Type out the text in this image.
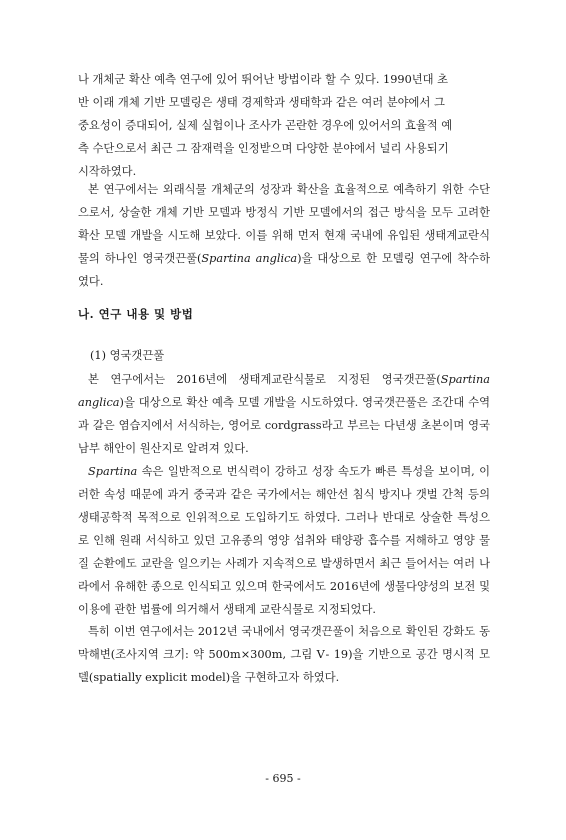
나 개체군 확산 예측 연구에 있어 뛰어난 방법이라 할 수 있다. 1990년대 초
반 이래 개체 기반 모델링은 생태 경제학과 생태학과 같은 여러 분야에서 그
중요성이 증대되어, 실제 실험이나 조사가 곤란한 경우에 있어서의 효율적 예
측 수단으로서 최근 그 잠재력을 인정받으며 다양한 분야에서 널리 사용되기
시작하였다.

본 연구에서는 외래식물 개체군의 성장과 확산을 효율적으로 예측하기 위한 수단으로서, 상술한 개체 기반 모델과 방정식 기반 모델에서의 접근 방식을 모두 고려한 확산 모델 개발을 시도해 보았다. 이를 위해 먼저 현재 국내에 유입된 생태계교란식물의 하나인 영국갯끈풀(Spartina anglica)을 대상으로 한 모델링 연구에 착수하였다.

나. 연구 내용 및 방법
(1) 영국갯끈풀

본 연구에서는 2016년에 생태계교란식물로 지정된 영국갯끈풀(Spartina anglica)을 대상으로 확산 예측 모델 개발을 시도하였다. 영국갯끈풀은 조간대 수역과 갈은 염습지에서 서식하는, 영어로 cordgrass라고 부르는 다년생 초본이며 영국 남부 해안이 원산지로 알려져 있다.

Spartina 속은 일반적으로 번식력이 강하고 성장 속도가 빠른 특성을 보이며, 이러한 속성 때문에 과거 중국과 같은 국가에서는 해안선 침식 방지나 갯벌 간척 등의 생태공학적 목적으로 인위적으로 도입하기도 하였다. 그러나 반대로 상술한 특성으로 인해 원래 서식하고 있던 고유종의 영양 섭취와 태양광 흡수를 저해하고 영양 물질 순환에도 교란을 일으키는 사례가 지속적으로 발생하면서 최근 들어서는 여러 나라에서 유해한 종으로 인식되고 있으며 한국에서도 2016년에 생물다양성의 보전 및 이용에 관한 법률에 의거해서 생태계 교란식물로 지정되었다.

특히 이번 연구에서는 2012년 국내에서 영국갯끈풀이 처음으로 확인된 강화도 동막해변(조사지역 크기: 약 500m×300m, 그림 Ⅴ- 19)을 기반으로 공간 명시적 모델(spatially explicit model)을 구현하고자 하였다.

- 695 -
